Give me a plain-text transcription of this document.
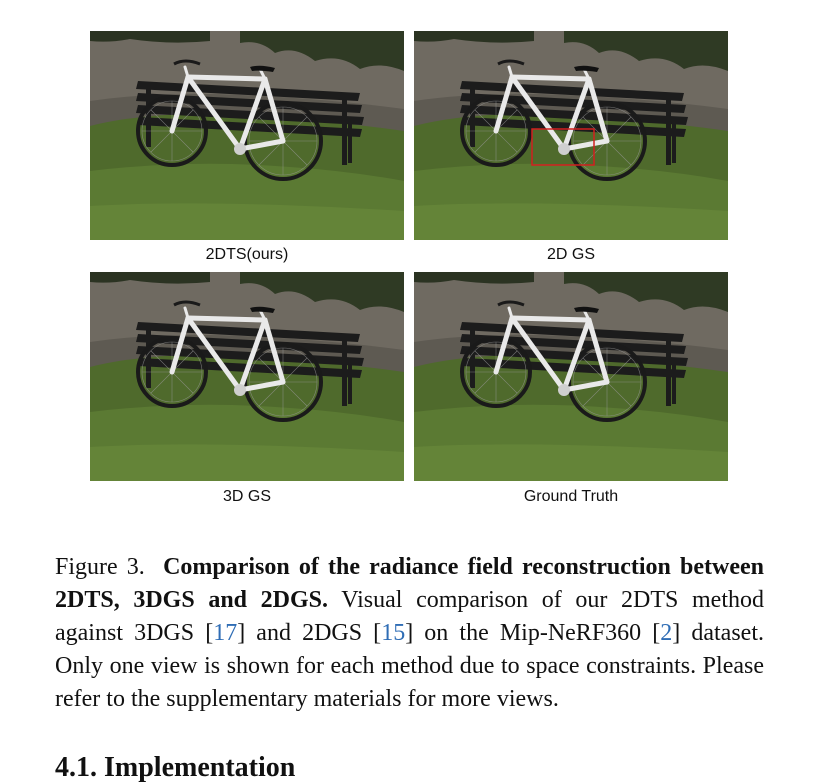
2DTS(ours)	2D GS
3D GS	Ground Truth
Figure 3. Comparison of the radiance field reconstruction between 2DTS, 3DGS and 2DGS. Visual comparison of our 2DTS method against 3DGS [17] and 2DGS [15] on the Mip-NeRF360 [2] dataset. Only one view is shown for each method due to space constraints. Please refer to the supplementary materials for more views.
4.1. Implementation
